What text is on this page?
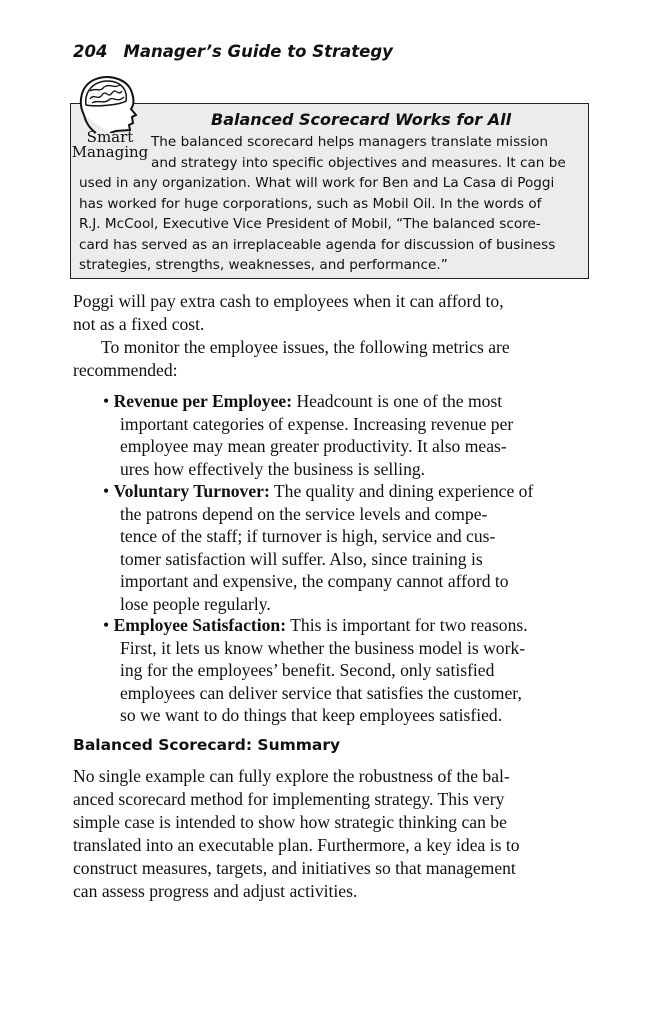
204 Manager’s Guide to Strategy
Balanced Scorecard Works for All
The balanced scorecard helps managers translate mission
and strategy into specific objectives and measures. It can be
used in any organization. What will work for Ben and La Casa di Poggi
has worked for huge corporations, such as Mobil Oil. In the words of
R.J. McCool, Executive Vice President of Mobil, “The balanced score-
card has served as an irreplaceable agenda for discussion of business
strategies, strengths, weaknesses, and performance.”
Smart
Managing
Poggi will pay extra cash to employees when it can afford to,
not as a fixed cost.
To monitor the employee issues, the following metrics are
recommended:
• Revenue per Employee: Headcount is one of the most
important categories of expense. Increasing revenue per
employee may mean greater productivity. It also meas-
ures how effectively the business is selling.
• Voluntary Turnover: The quality and dining experience of
the patrons depend on the service levels and compe-
tence of the staff; if turnover is high, service and cus-
tomer satisfaction will suffer. Also, since training is
important and expensive, the company cannot afford to
lose people regularly.
• Employee Satisfaction: This is important for two reasons.
First, it lets us know whether the business model is work-
ing for the employees’ benefit. Second, only satisfied
employees can deliver service that satisfies the customer,
so we want to do things that keep employees satisfied.
No single example can fully explore the robustness of the bal-
anced scorecard method for implementing strategy. This very
simple case is intended to show how strategic thinking can be
translated into an executable plan. Furthermore, a key idea is to
construct measures, targets, and initiatives so that management
can assess progress and adjust activities.
Balanced Scorecard: Summary
